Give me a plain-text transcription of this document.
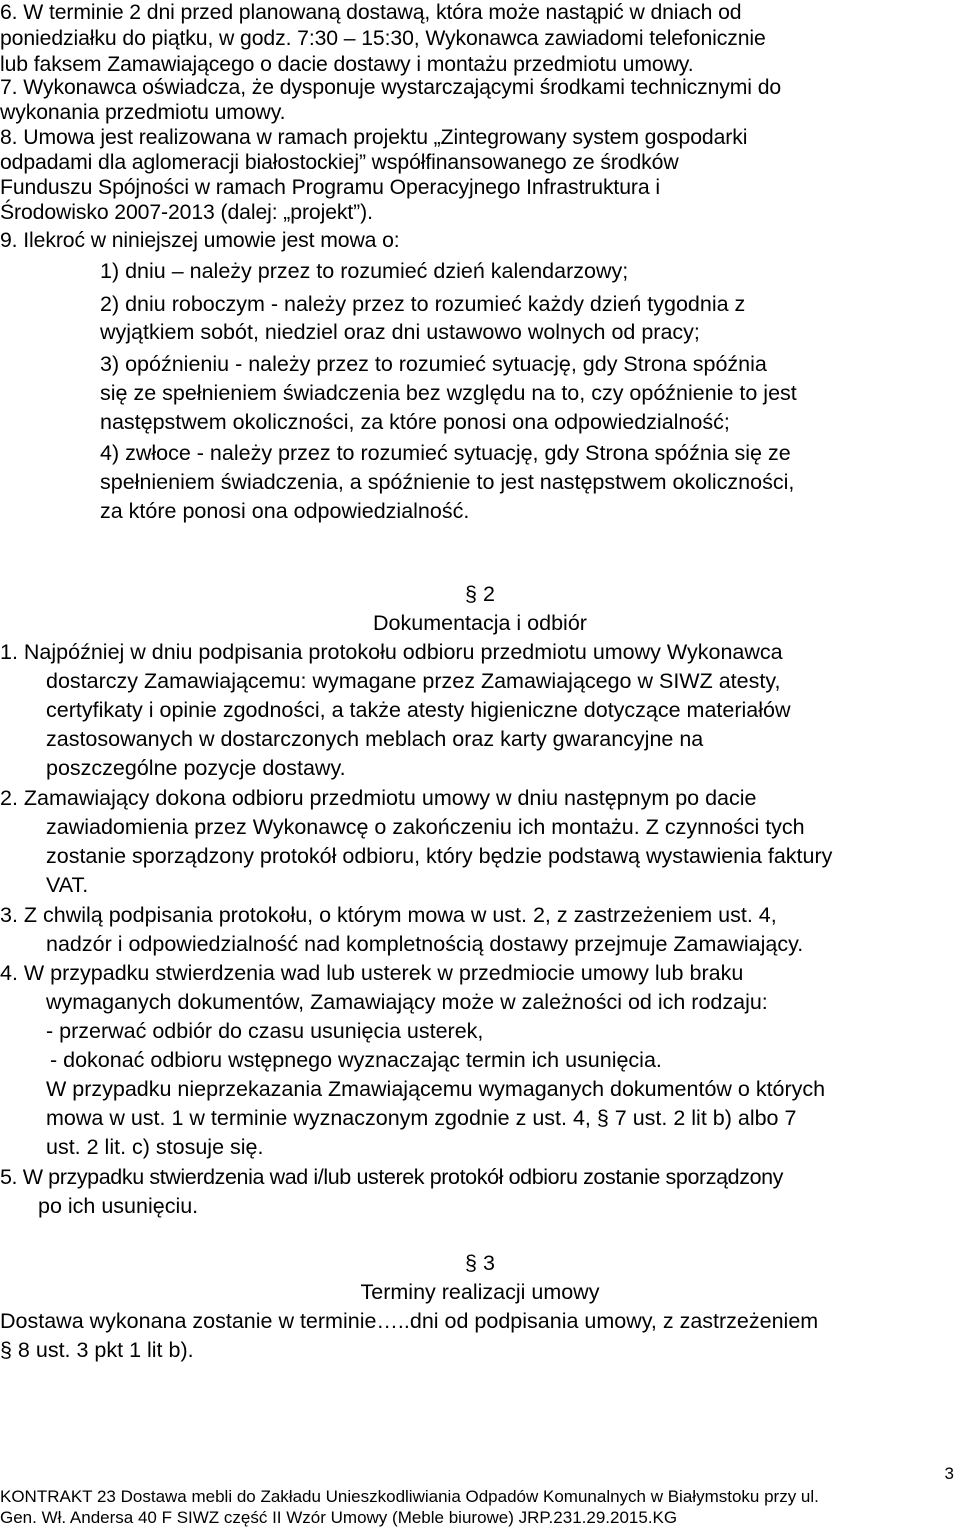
6. W terminie 2 dni przed planowaną dostawą, która może nastąpić w dniach od
poniedziałku do piątku, w godz. 7:30 – 15:30, Wykonawca zawiadomi telefonicznie
lub faksem Zamawiającego o dacie dostawy i montażu przedmiotu umowy.
7. Wykonawca oświadcza, że dysponuje wystarczającymi środkami technicznymi do
wykonania przedmiotu umowy.
8. Umowa jest realizowana w ramach projektu „Zintegrowany system gospodarki
odpadami dla aglomeracji białostockiej” współfinansowanego ze środków
Funduszu Spójności w ramach Programu Operacyjnego Infrastruktura i
Środowisko 2007-2013 (dalej: „projekt”).
9. Ilekroć w niniejszej umowie jest mowa o:
1) dniu – należy przez to rozumieć dzień kalendarzowy;
2) dniu roboczym - należy przez to rozumieć każdy dzień tygodnia z
wyjątkiem sobót, niedziel oraz dni ustawowo wolnych od pracy;
3) opóźnieniu - należy przez to rozumieć sytuację, gdy Strona spóźnia
się ze spełnieniem świadczenia bez względu na to, czy opóźnienie to jest
następstwem okoliczności, za które ponosi ona odpowiedzialność;
4) zwłoce - należy przez to rozumieć sytuację, gdy Strona spóźnia się ze
spełnieniem świadczenia, a spóźnienie to jest następstwem okoliczności,
za które ponosi ona odpowiedzialność.
§ 2
Dokumentacja i odbiór
1. Najpóźniej w dniu podpisania protokołu odbioru przedmiotu umowy Wykonawca
dostarczy Zamawiającemu: wymagane przez Zamawiającego w SIWZ atesty,
certyfikaty i opinie zgodności, a także atesty higieniczne dotyczące materiałów
zastosowanych w dostarczonych meblach oraz karty gwarancyjne na
poszczególne pozycje dostawy.
2. Zamawiający dokona odbioru przedmiotu umowy w dniu następnym po dacie
zawiadomienia przez Wykonawcę o zakończeniu ich montażu. Z czynności tych
zostanie sporządzony protokół odbioru, który będzie podstawą wystawienia faktury
VAT.
3. Z chwilą podpisania protokołu, o którym mowa w ust. 2, z zastrzeżeniem ust. 4,
nadzór i odpowiedzialność nad kompletnością dostawy przejmuje Zamawiający.
4. W przypadku stwierdzenia wad lub usterek w przedmiocie umowy lub braku
wymaganych dokumentów, Zamawiający może w zależności od ich rodzaju:
- przerwać odbiór do czasu usunięcia usterek,
- dokonać odbioru wstępnego wyznaczając termin ich usunięcia.
W przypadku nieprzekazania Zmawiającemu wymaganych dokumentów o których
mowa w ust. 1 w terminie wyznaczonym zgodnie z ust. 4, § 7 ust. 2 lit b) albo 7
ust. 2 lit. c) stosuje się.
5. W przypadku stwierdzenia wad i/lub usterek protokół odbioru zostanie sporządzony
po ich usunięciu.
§ 3
Terminy realizacji umowy
Dostawa wykonana zostanie w terminie…..dni od podpisania umowy, z zastrzeżeniem
§ 8 ust. 3 pkt 1 lit b).
3
KONTRAKT 23 Dostawa mebli do Zakładu Unieszkodliwiania Odpadów Komunalnych w Białymstoku przy ul.
Gen. Wł. Andersa 40 F SIWZ część II Wzór Umowy (Meble biurowe) JRP.231.29.2015.KG
